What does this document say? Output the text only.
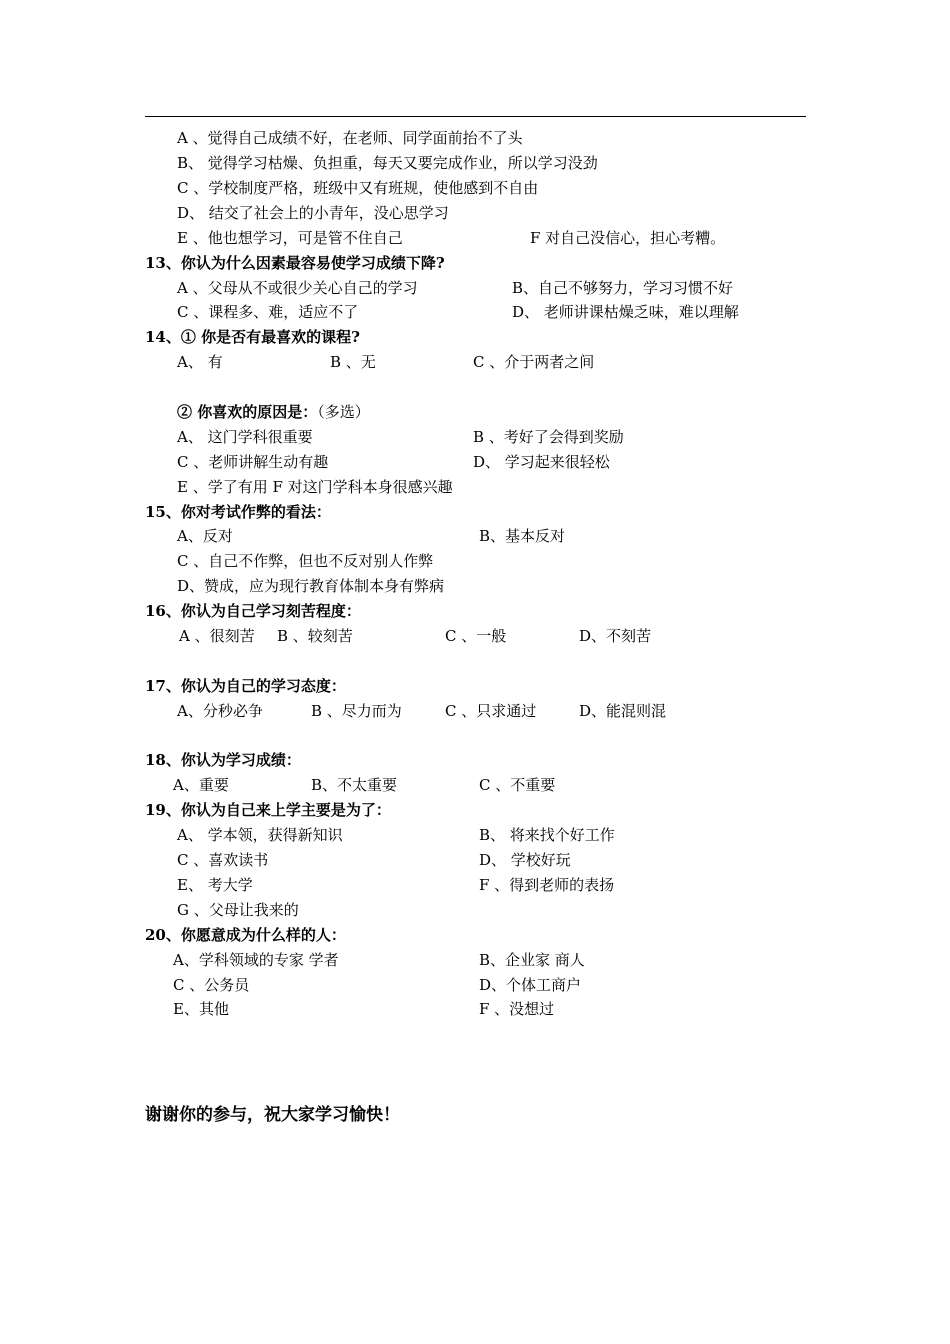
A 、觉得自己成绩不好，在老师、同学面前抬不了头
B、 觉得学习枯燥、负担重，每天又要完成作业，所以学习没劲
C 、学校制度严格，班级中又有班规，使他感到不自由
D、 结交了社会上的小青年，没心思学习
E 、他也想学习，可是管不住自己	F 对自己没信心，担心考糟。
13、你认为什么因素最容易使学习成绩下降?
A 、父母从不或很少关心自己的学习	B、自己不够努力，学习习惯不好
C 、课程多、难，适应不了	D、 老师讲课枯燥乏味，难以理解
14、① 你是否有最喜欢的课程?
A、 有	B 、无	C 、介于两者之间
② 你喜欢的原因是：（多选）
A、 这门学科很重要	B 、考好了会得到奖励
C 、老师讲解生动有趣	D、 学习起来很轻松
E 、学了有用 F 对这门学科本身很感兴趣
15、你对考试作弊的看法：
A、反对	B、基本反对
C 、自己不作弊，但也不反对别人作弊
D、赞成，应为现行教育体制本身有弊病
16、你认为自己学习刻苦程度：
A 、很刻苦 B 、较刻苦	C 、一般	D、不刻苦
17、你认为自己的学习态度：
A、分秒必争	B 、尽力而为	C 、只求通过	D、能混则混
18、你认为学习成绩：
A、重要	B、不太重要	C 、不重要
19、你认为自己来上学主要是为了：
A、 学本领，获得新知识	B、 将来找个好工作
C 、喜欢读书	D、 学校好玩
E、 考大学	F 、得到老师的表扬
G 、父母让我来的
20、你愿意成为什么样的人：
A、学科领域的专家 学者	B、企业家 商人
C 、公务员	D、个体工商户
E、其他	F 、没想过
谢谢你的参与，祝大家学习愉快！
